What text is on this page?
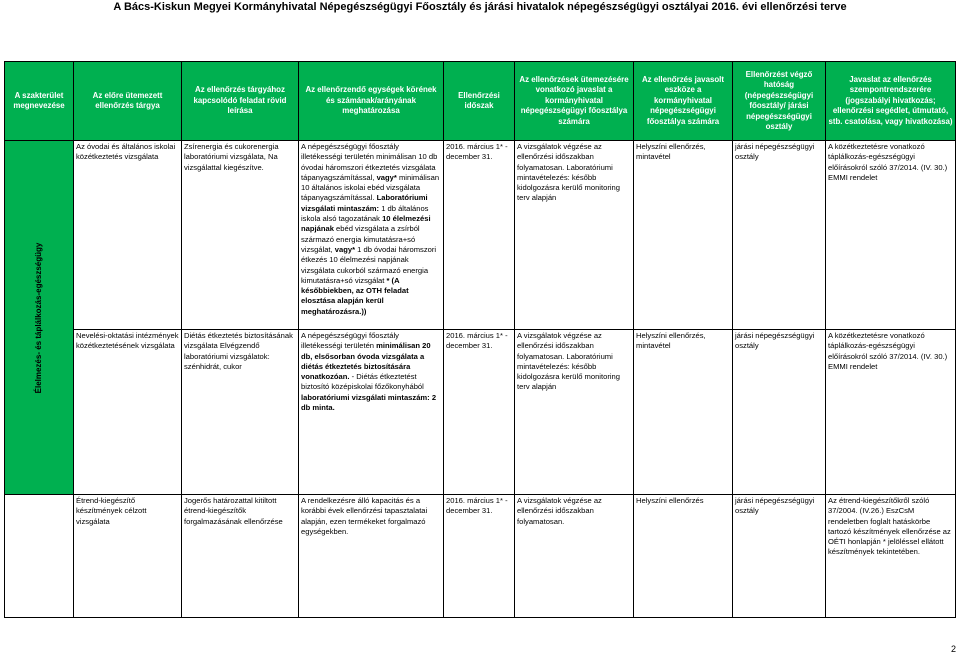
A Bács-Kiskun Megyei Kormányhivatal Népegészségügyi Főosztály és járási hivatalok népegészségügyi osztályai 2016. évi ellenőrzési terve
A szakterület megnevezése	Az előre ütemezett ellenőrzés tárgya	Az ellenőrzés tárgyához kapcsolódó feladat rövid leírása	Az ellenőrzendő egységek körének és számának/arányának meghatározása	Ellenőrzési időszak	Az ellenőrzések ütemezésére vonatkozó javaslat a kormányhivatal népegészségügyi főosztálya számára	Az ellenőrzés javasolt eszköze a kormányhivatal népegészségügyi főosztálya számára	Ellenőrzést végző hatóság (népegészségügyi főosztály/ járási népegészségügyi osztály	Javaslat az ellenőrzés szempontrendszerére (jogszabályi hivatkozás; ellenőrzési segédlet, útmutató, stb. csatolása, vagy hivatkozása)

Élelmezés- és táplálkozás-egészségügy	Az óvodai és általános iskolai közétkeztetés vizsgálata	Zsírenergia és cukorenergia laboratóriumi vizsgálata, Na vizsgálattal kiegészítve.	A népegészségügyi főosztály illetékességi területén minimálisan 10 db óvodai háromszori étkeztetés vizsgálata tápanyagszámítással, vagy* minimálisan 10 általános iskolai ebéd vizsgálata tápanyagszámítással. Laboratóriumi vizsgálati mintaszám: 1 db általános iskola alsó tagozatának 10 élelmezési napjának ebéd vizsgálata a zsírból származó energia kimutatásra+só vizsgálat, vagy* 1 db óvodai háromszori étkezés 10 élelmezési napjának vizsgálata cukorból származó energia kimutatásra+só vizsgálat * (A későbbiekben, az OTH feladat elosztása alapján kerül meghatározásra.))	2016. március 1* - december 31.	A vizsgálatok végzése az ellenőrzési időszakban folyamatosan. Laboratóriumi mintavételezés: később kidolgozásra kerülő monitoring terv alapján	Helyszíni ellenőrzés, mintavétel	járási népegészségügyi osztály	A közétkeztetésre vonatkozó táplálkozás-egészségügyi előírásokról szóló 37/2014. (IV. 30.) EMMI rendelet
	Nevelési-oktatási intézmények közétkeztetésének vizsgálata	Diétás étkeztetés biztosításának vizsgálata Elvégzendő laboratóriumi vizsgálatok: szénhidrát, cukor	A népegészségügyi főosztály illetékességi területén minimálisan 20 db, elsősorban óvoda vizsgálata a diétás étkeztetés biztosítására vonatkozóan. - Diétás étkeztetést biztosító középiskolai főzőkonyhából laboratóriumi vizsgálati mintaszám: 2 db minta.	2016. március 1* - december 31.	A vizsgálatok végzése az ellenőrzési időszakban folyamatosan. Laboratóriumi mintavételezés: később kidolgozásra kerülő monitoring terv alapján	Helyszíni ellenőrzés, mintavétel	járási népegészségügyi osztály	A közétkeztetésre vonatkozó táplálkozás-egészségügyi előírásokról szóló 37/2014. (IV. 30.) EMMI rendelet
	Étrend-kiegészítő készítmények célzott vizsgálata	Jogerős határozattal kitiltott étrend-kiegészítők forgalmazásának ellenőrzése	A rendelkezésre álló kapacitás és a korábbi évek ellenőrzési tapasztalatai alapján, ezen termékeket forgalmazó egységekben.	2016. március 1* - december 31.	A vizsgálatok végzése az ellenőrzési időszakban folyamatosan.	Helyszíni ellenőrzés	járási népegészségügyi osztály	Az étrend-kiegészítőkről szóló 37/2004. (IV.26.) EszCsM rendeletben foglalt hatáskörbe tartozó készítmények ellenőrzése az OÉTI honlapján * jelöléssel ellátott készítmények tekintetében.
2
